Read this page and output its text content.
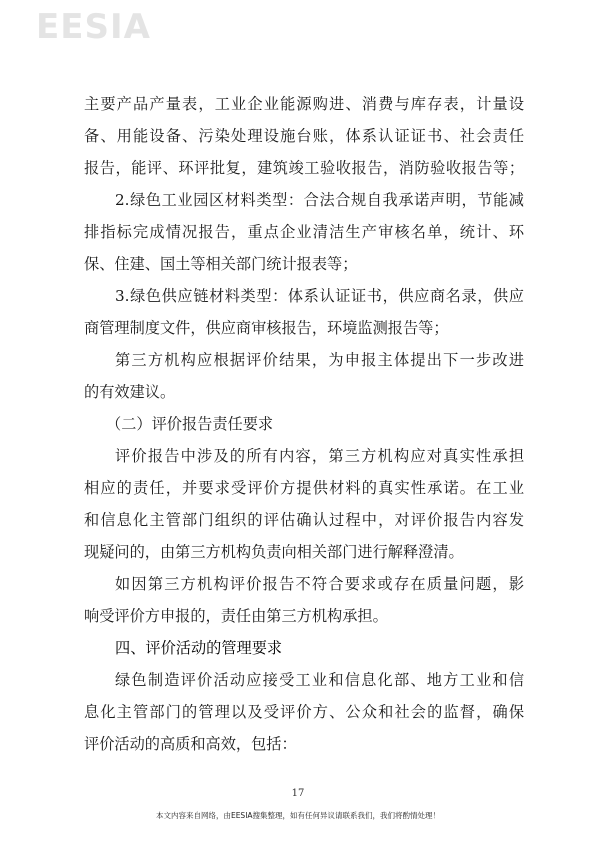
EESIA
主要产品产量表，工业企业能源购进、消费与库存表，计量设
备、用能设备、污染处理设施台账，体系认证证书、社会责任
报告，能评、环评批复，建筑竣工验收报告，消防验收报告等；
2.绿色工业园区材料类型：合法合规自我承诺声明，节能减
排指标完成情况报告，重点企业清洁生产审核名单，统计、环
保、住建、国土等相关部门统计报表等；
3.绿色供应链材料类型：体系认证证书，供应商名录，供应
商管理制度文件，供应商审核报告，环境监测报告等；
第三方机构应根据评价结果，为申报主体提出下一步改进
的有效建议。
（二）评价报告责任要求
评价报告中涉及的所有内容，第三方机构应对真实性承担
相应的责任，并要求受评价方提供材料的真实性承诺。在工业
和信息化主管部门组织的评估确认过程中，对评价报告内容发
现疑问的，由第三方机构负责向相关部门进行解释澄清。
如因第三方机构评价报告不符合要求或存在质量问题，影
响受评价方申报的，责任由第三方机构承担。
四、评价活动的管理要求
绿色制造评价活动应接受工业和信息化部、地方工业和信
息化主管部门的管理以及受评价方、公众和社会的监督，确保
评价活动的高质和高效，包括：
17
本文内容来自网络，由EESIA搜集整理，如有任何异议请联系我们，我们将酌情处理！
